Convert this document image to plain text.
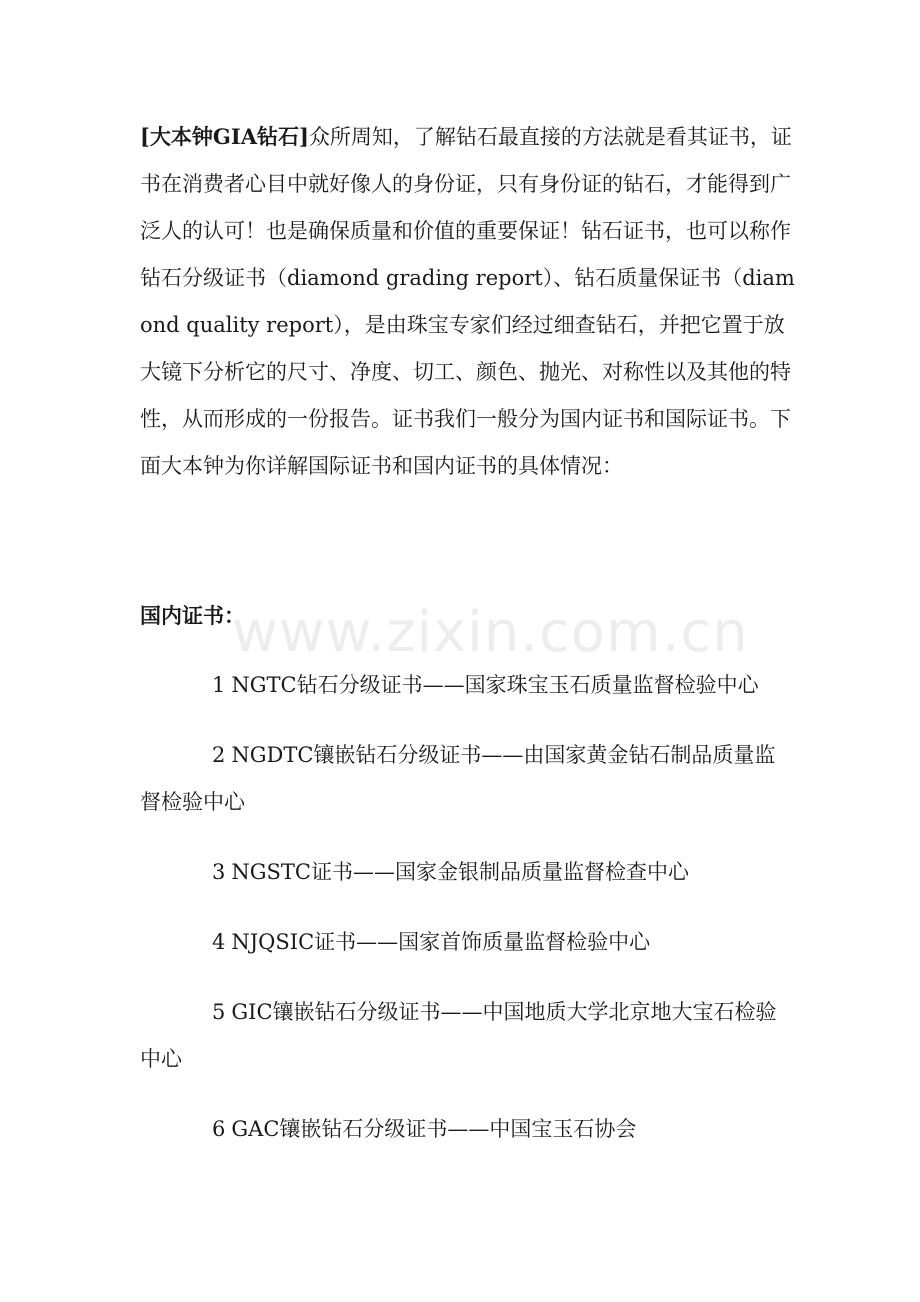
[大本钟GIA钻石]众所周知，了解钻石最直接的方法就是看其证书，证书在消费者心目中就好像人的身份证，只有身份证的钻石，才能得到广泛人的认可！也是确保质量和价值的重要保证！钻石证书，也可以称作钻石分级证书（diamond grading report）、钻石质量保证书（diamond quality report），是由珠宝专家们经过细查钻石，并把它置于放大镜下分析它的尺寸、净度、切工、颜色、抛光、对称性以及其他的特性，从而形成的一份报告。证书我们一般分为国内证书和国际证书。下面大本钟为你详解国际证书和国内证书的具体情况：

国内证书：

www.zixin.com.cn
1 NGTC钻石分级证书——国家珠宝玉石质量监督检验中心
2 NGDTC镶嵌钻石分级证书——由国家黄金钻石制品质量监督检验中心
3 NGSTC证书——国家金银制品质量监督检查中心
4 NJQSIC证书——国家首饰质量监督检验中心
5 GIC镶嵌钻石分级证书——中国地质大学北京地大宝石检验中心
6 GAC镶嵌钻石分级证书——中国宝玉石协会
